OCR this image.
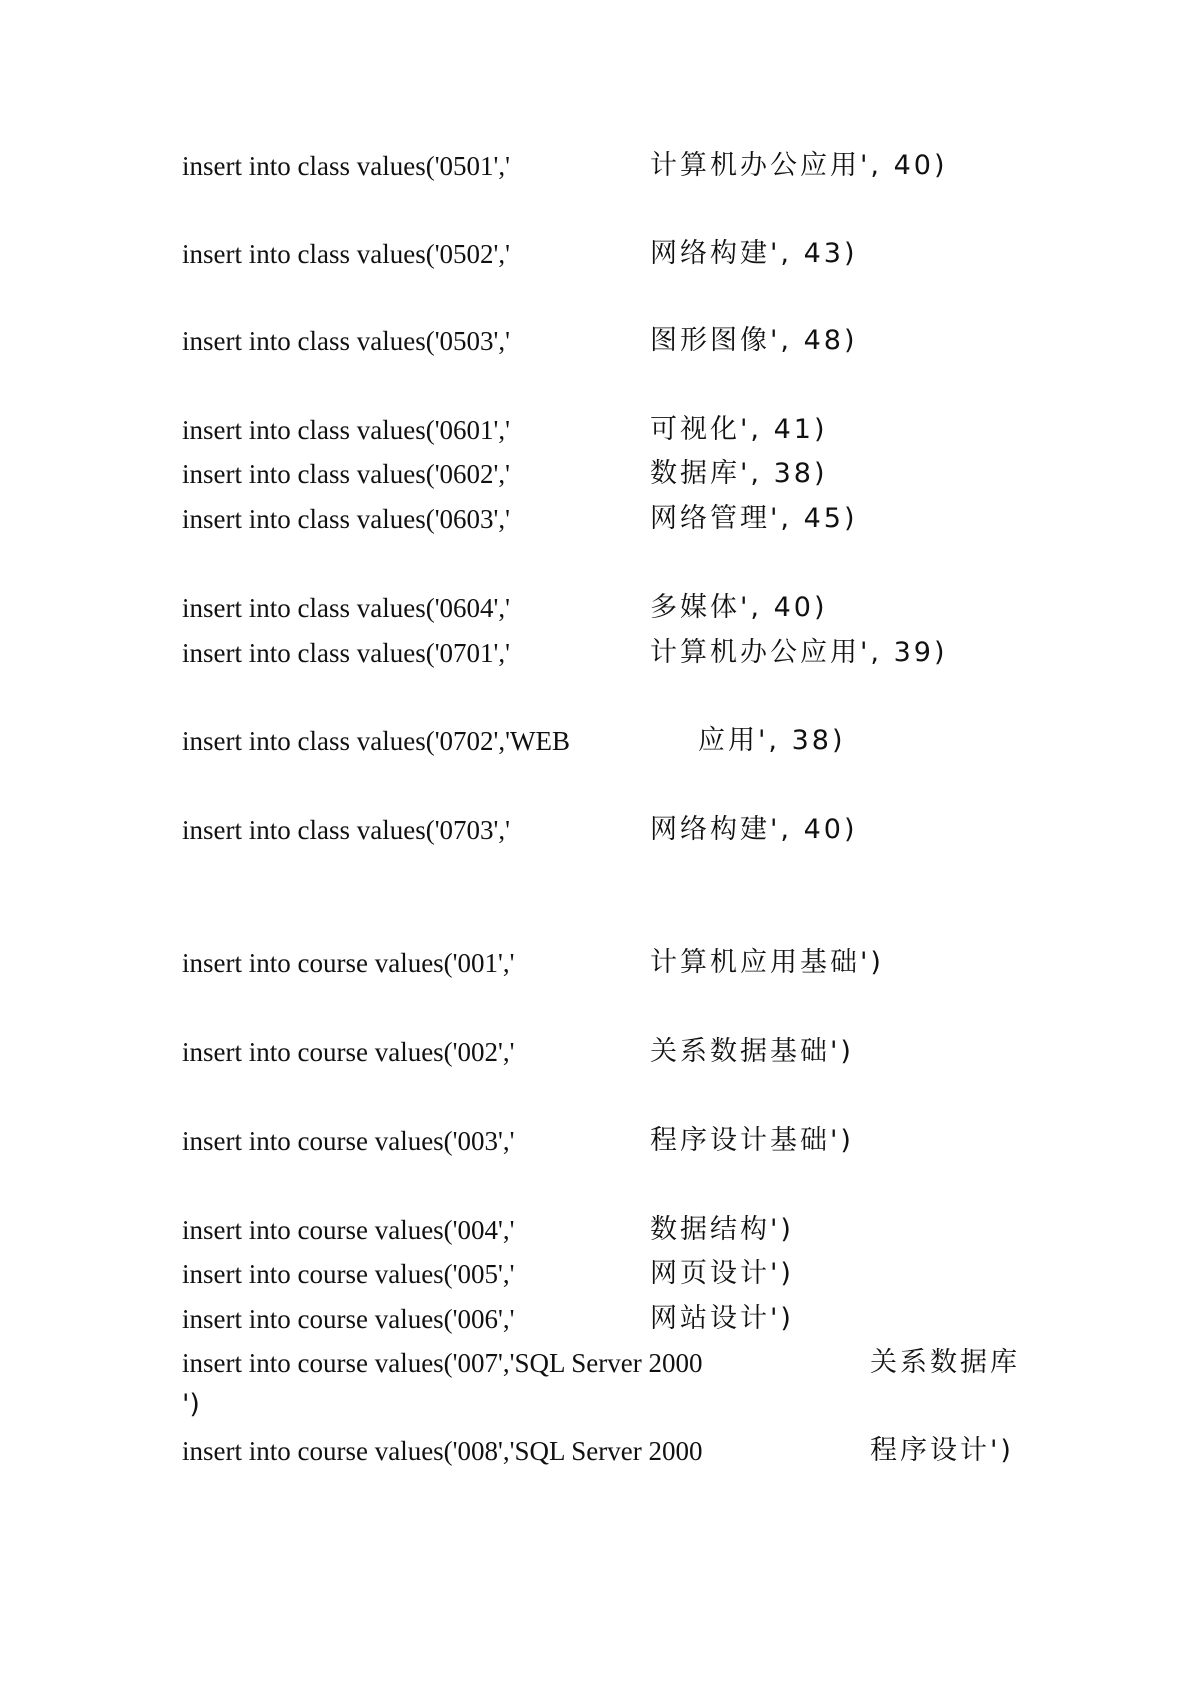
insert into class values('0501','	计算机办公应用', 40)
insert into class values('0502','	网络构建', 43)
insert into class values('0503','	图形图像', 48)
insert into class values('0601','	可视化', 41)
insert into class values('0602','	数据库', 38)
insert into class values('0603','	网络管理', 45)
insert into class values('0604','	多媒体', 40)
insert into class values('0701','	计算机办公应用', 39)
insert into class values('0702','WEB	应用', 38)
insert into class values('0703','	网络构建', 40)
insert into course values('001','	计算机应用基础')
insert into course values('002','	关系数据基础')
insert into course values('003','	程序设计基础')
insert into course values('004','	数据结构')
insert into course values('005','	网页设计')
insert into course values('006','	网站设计')
insert into course values('007','SQL Server 2000	关系数据库
')
insert into course values('008','SQL Server 2000	程序设计')
